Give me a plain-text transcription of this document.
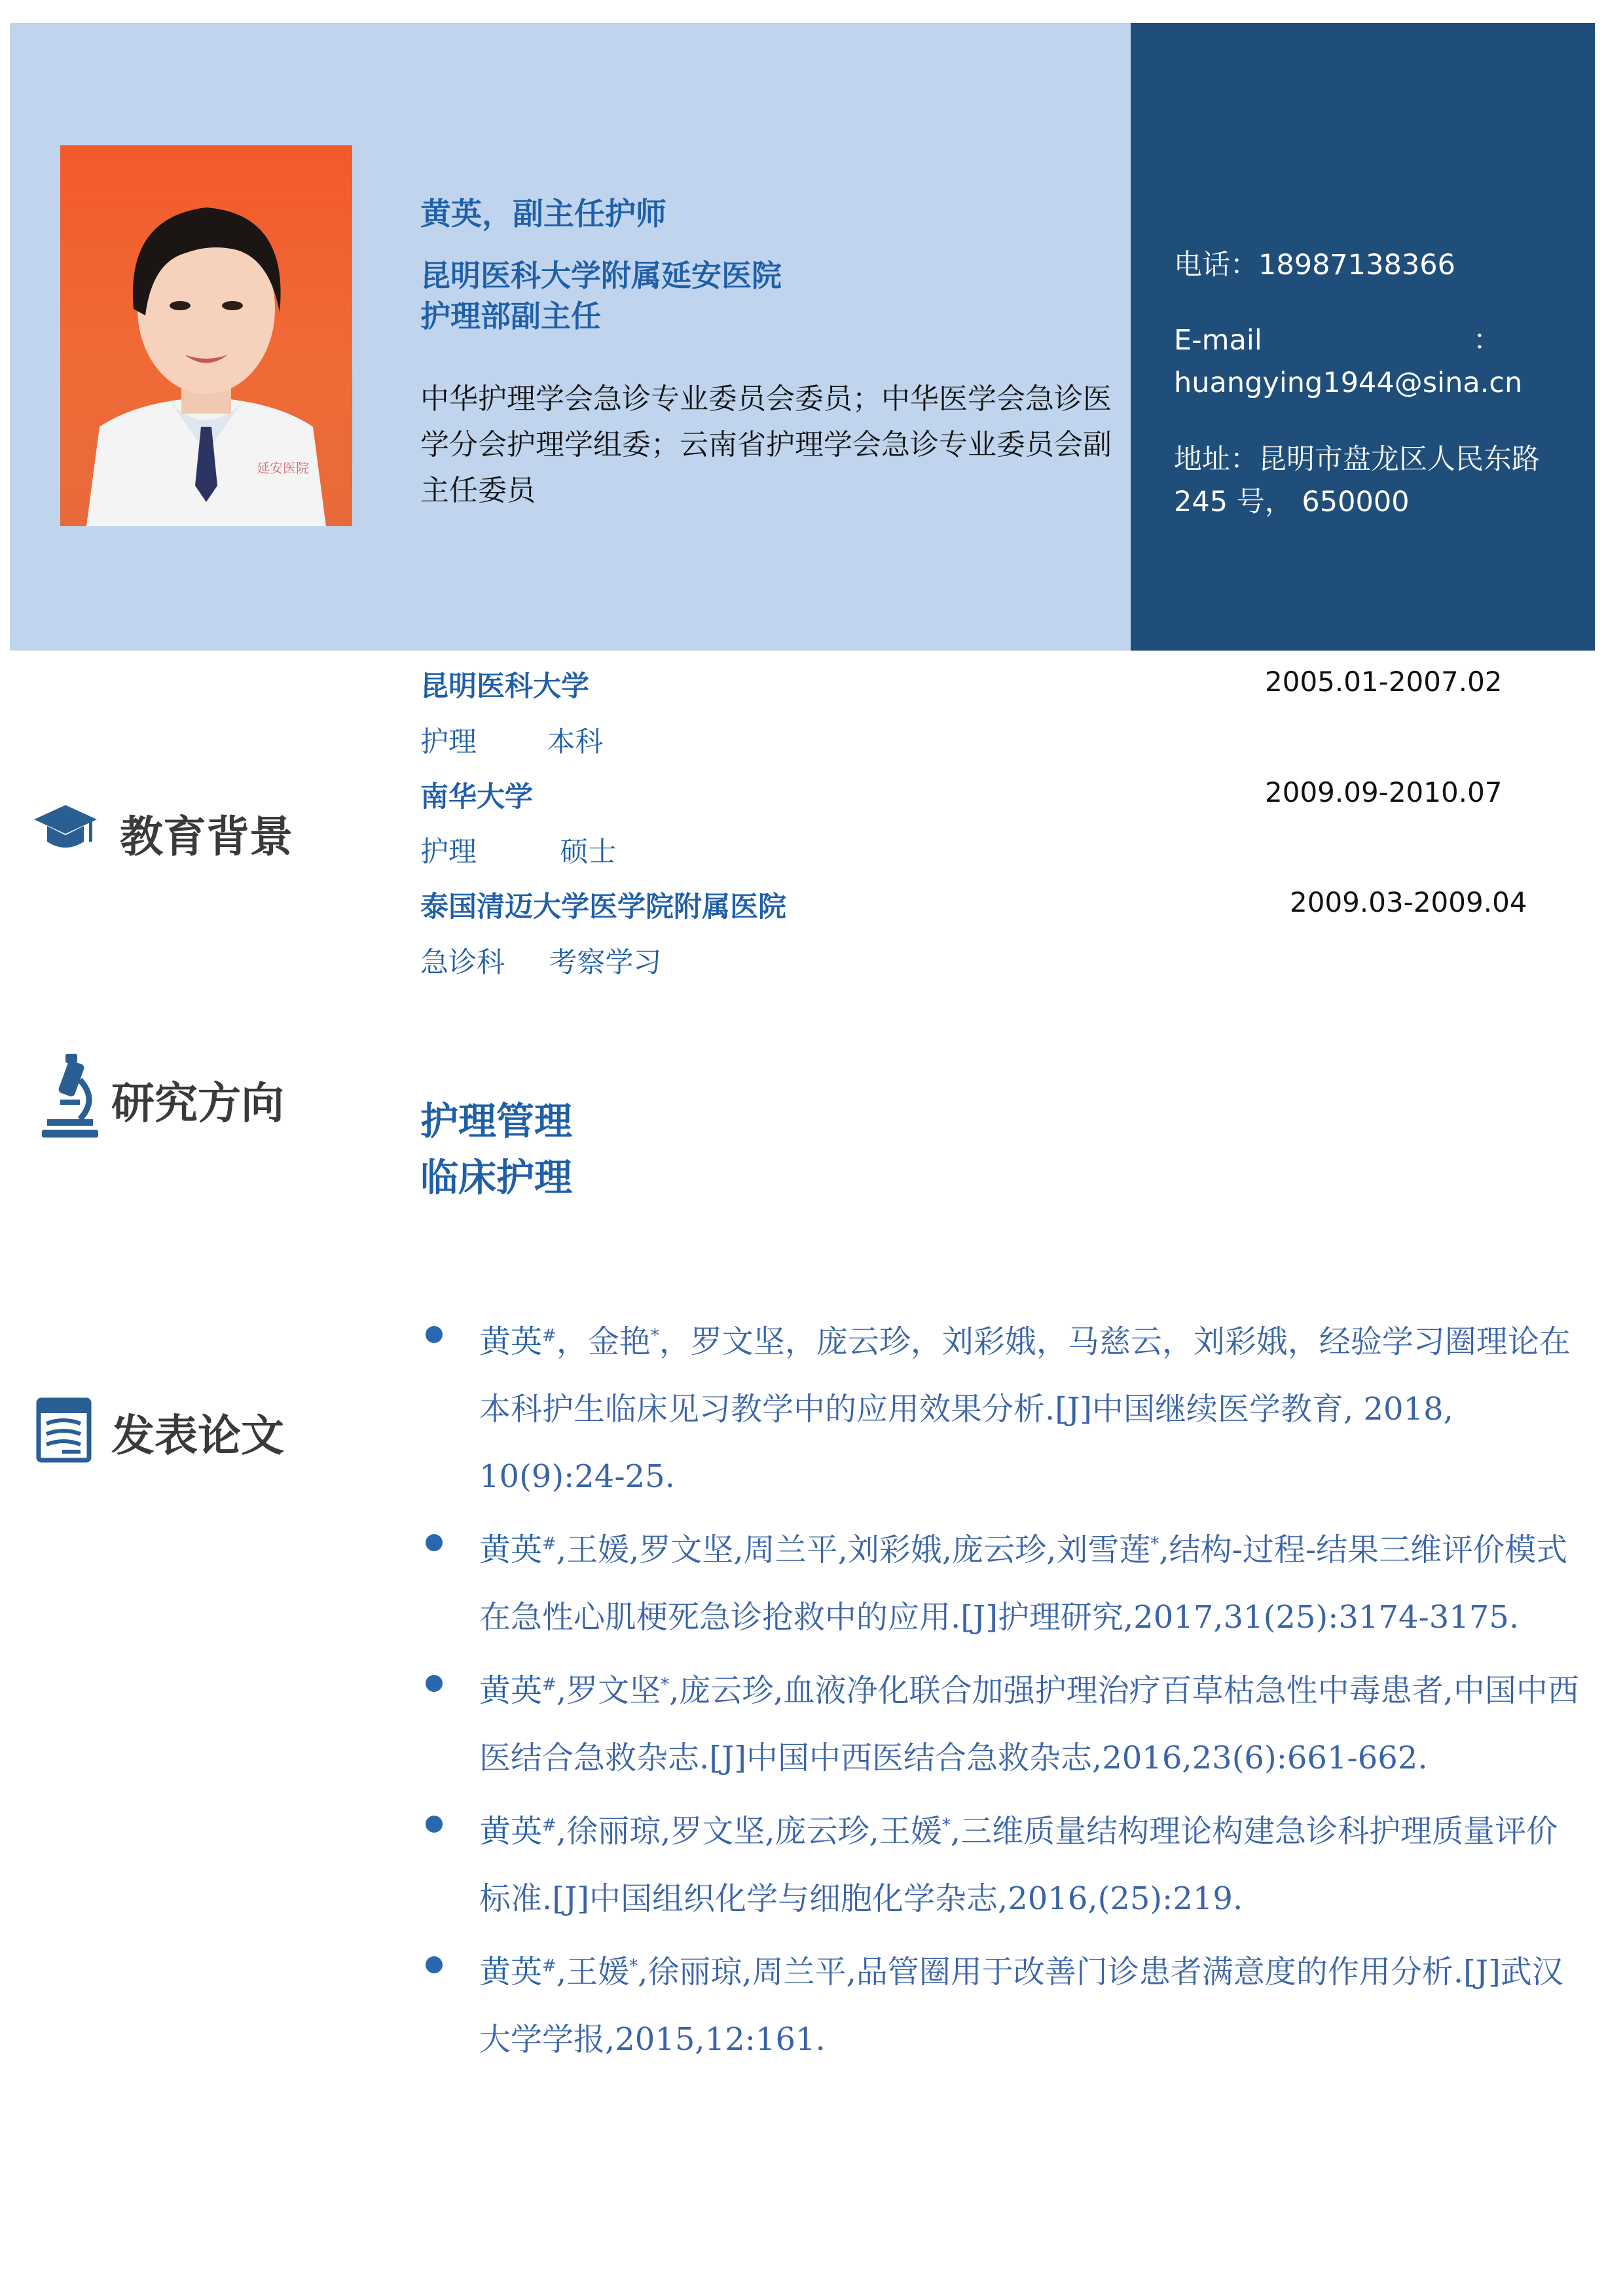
延安医院
黄英，副主任护师
昆明医科大学附属延安医院
护理部副主任
中华护理学会急诊专业委员会委员；中华医学会急诊医学分会护理学组委；云南省护理学会急诊专业委员会副主任委员
电话：18987138366
E-mail	：
huangying1944@sina.cn
地址：昆明市盘龙区人民东路
245 号， 650000
教育背景
昆明医科大学	2005.01-2007.02
护理 本科
南华大学	2009.09-2010.07
护理	硕士
泰国清迈大学医学院附属医院	2009.03-2009.04
急诊科 考察学习
研究方向	护理管理
临床护理
发表论文
黄英#，金艳*，罗文坚，庞云珍，刘彩娥，马慈云，刘彩娥，经验学习圈理论在本科护生临床见习教学中的应用效果分析.[J]中国继续医学教育, 2018, 10(9):24-25.
黄英#,王媛,罗文坚,周兰平,刘彩娥,庞云珍,刘雪莲*,结构-过程-结果三维评价模式在急性心肌梗死急诊抢救中的应用.[J]护理研究,2017,31(25):3174-3175.
黄英#,罗文坚*,庞云珍,血液净化联合加强护理治疗百草枯急性中毒患者,中国中西医结合急救杂志.[J]中国中西医结合急救杂志,2016,23(6):661-662.
黄英#,徐丽琼,罗文坚,庞云珍,王媛*,三维质量结构理论构建急诊科护理质量评价标准.[J]中国组织化学与细胞化学杂志,2016,(25):219.
黄英#,王媛*,徐丽琼,周兰平,品管圈用于改善门诊患者满意度的作用分析.[J]武汉大学学报,2015,12:161.
